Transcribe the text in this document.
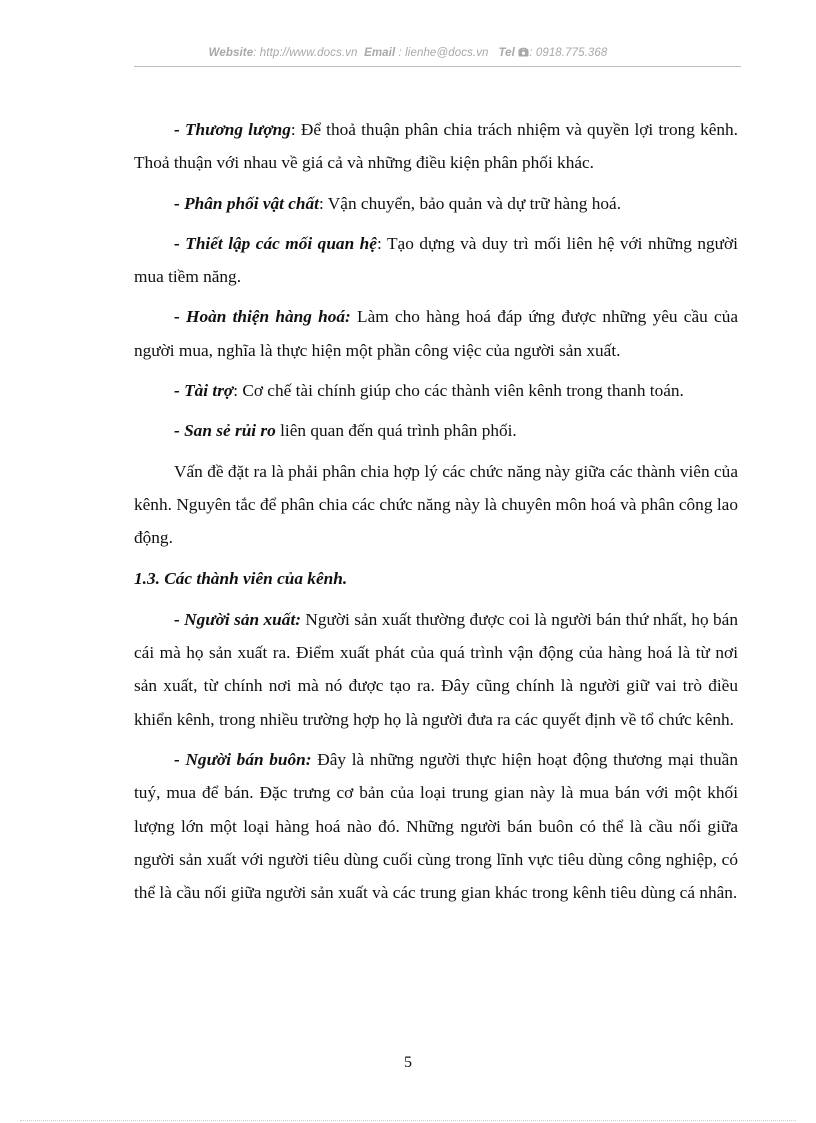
Website: http://www.docs.vn Email : lienhe@docs.vn Tel : 0918.775.368

- Thương lượng: Để thoả thuận phân chia trách nhiệm và quyền lợi trong kênh. Thoả thuận với nhau về giá cả và những điều kiện phân phối khác.

- Phân phối vật chất: Vận chuyển, bảo quản và dự trữ hàng hoá.

- Thiết lập các mối quan hệ: Tạo dựng và duy trì mối liên hệ với những người mua tiềm năng.

- Hoàn thiện hàng hoá: Làm cho hàng hoá đáp ứng được những yêu cầu của người mua, nghĩa là thực hiện một phần công việc của người sản xuất.

- Tài trợ: Cơ chế tài chính giúp cho các thành viên kênh trong thanh toán.

- San sẻ rủi ro liên quan đến quá trình phân phối.

Vấn đề đặt ra là phải phân chia hợp lý các chức năng này giữa các thành viên của kênh. Nguyên tắc để phân chia các chức năng này là chuyên môn hoá và phân công lao động.

1.3. Các thành viên của kênh.

- Người sản xuất: Người sản xuất thường được coi là người bán thứ nhất, họ bán cái mà họ sản xuất ra. Điểm xuất phát của quá trình vận động của hàng hoá là từ nơi sản xuất, từ chính nơi mà nó được tạo ra. Đây cũng chính là người giữ vai trò điều khiển kênh, trong nhiều trường hợp họ là người đưa ra các quyết định về tổ chức kênh.

- Người bán buôn: Đây là những người thực hiện hoạt động thương mại thuần tuý, mua để bán. Đặc trưng cơ bản của loại trung gian này là mua bán với một khối lượng lớn một loại hàng hoá nào đó. Những người bán buôn có thể là cầu nối giữa người sản xuất với người tiêu dùng cuối cùng trong lĩnh vực tiêu dùng công nghiệp, có thể là cầu nối giữa người sản xuất và các trung gian khác trong kênh tiêu dùng cá nhân.

5
